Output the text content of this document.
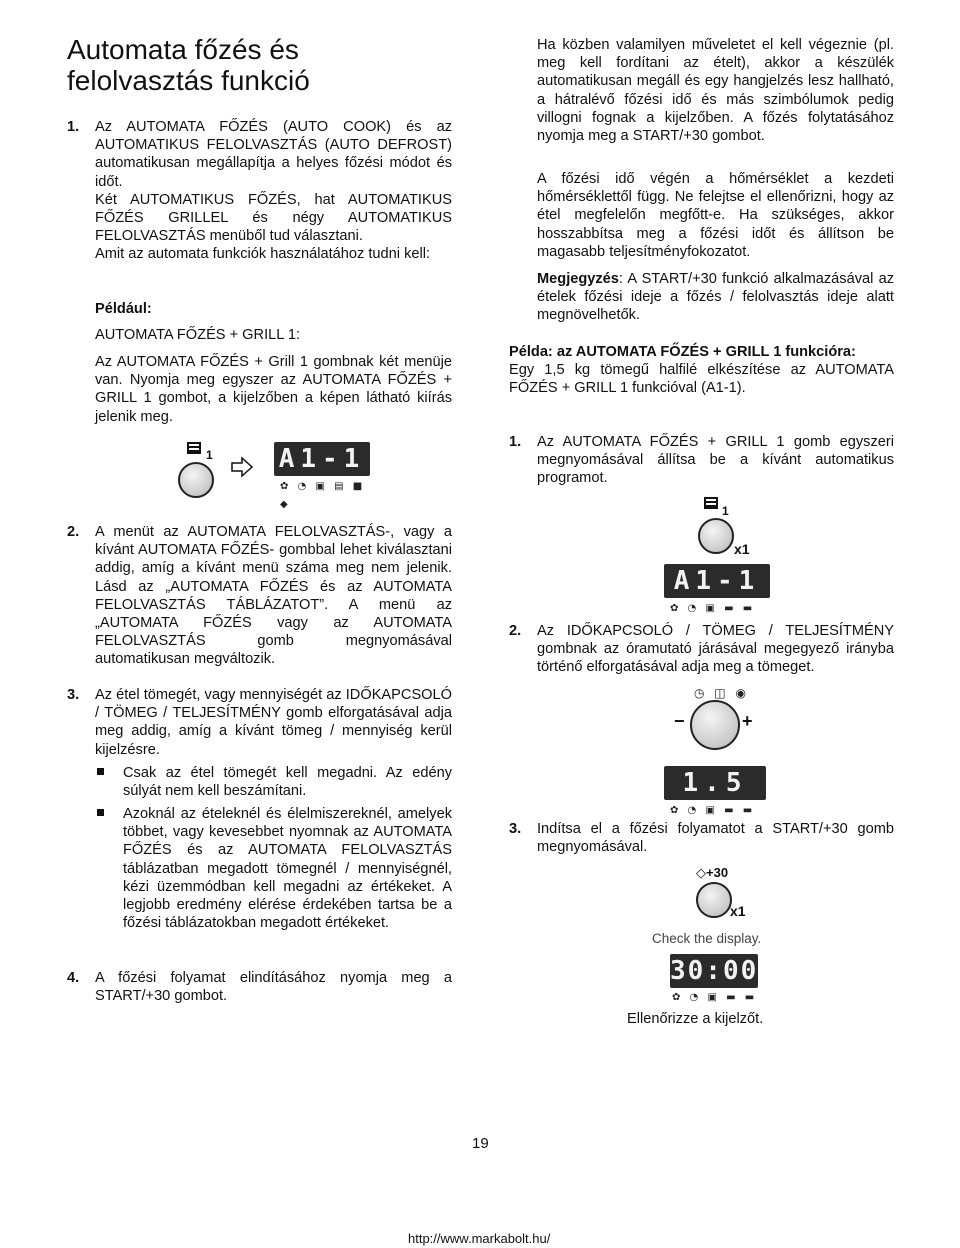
Automata főzés és felolvasztás funkció
1. Az AUTOMATA FŐZÉS (AUTO COOK) és az AUTOMATIKUS FELOLVASZTÁS (AUTO DEFROST) automatikusan megállapítja a helyes főzési módot és időt.

Két AUTOMATIKUS FŐZÉS, hat AUTOMATIKUS FŐZÉS GRILLEL és négy AUTOMATIKUS FELOLVASZTÁS menüből tud választani.

Amit az automata funkciók használatához tudni kell:

Például:

AUTOMATA FŐZÉS + GRILL 1:

Az AUTOMATA FŐZÉS + Grill 1 gombnak két menüje van. Nyomja meg egyszer az AUTOMATA FŐZÉS + GRILL 1 gombot, a kijelzőben a képen látható kiírás jelenik meg.

1	A1-1
✿ ◔ ▣ ▤ ■ ◆
2. A menüt az AUTOMATA FELOLVASZTÁS-, vagy a kívánt AUTOMATA FŐZÉS- gombbal lehet kiválasztani addig, amíg a kívánt menü száma meg nem jelenik. Lásd az „AUTOMATA FŐZÉS és az AUTOMATA FELOLVASZTÁS TÁBLÁZATOT”. A menü az „AUTOMATA FŐZÉS vagy az AUTOMATA FELOLVASZTÁS gomb megnyomásával automatikusan megváltozik.

3. Az étel tömegét, vagy mennyiségét az IDŐKAPCSOLÓ / TÖMEG / TELJESÍTMÉNY gomb elforgatásával adja meg addig, amíg a kívánt tömeg / mennyiség kerül kijelzésre.

Csak az étel tömegét kell megadni. Az edény súlyát nem kell beszámítani.

Azoknál az ételeknél és élelmiszereknél, amelyek többet, vagy kevesebbet nyomnak az AUTOMATA FŐZÉS és az AUTOMATA FELOLVASZTÁS táblázatban megadott tömegnél / mennyiségnél, kézi üzemmódban kell megadni az értékeket. A legjobb eredmény elérése érdekében tartsa be a főzési táblázatokban megadott értékeket.

4. A főzési folyamat elindításához nyomja meg a START/+30 gombot.

Ha közben valamilyen műveletet el kell végeznie (pl. meg kell fordítani az ételt), akkor a készülék automatikusan megáll és egy hangjelzés lesz hallható, a hátralévő főzési idő és más szimbólumok pedig villogni fognak a kijelzőben. A főzés folytatásához nyomja meg a START/+30 gombot.

A főzési idő végén a hőmérséklet a kezdeti hőmérséklettől függ. Ne felejtse el ellenőrizni, hogy az étel megfelelőn megfőtt-e. Ha szükséges, akkor hosszabbítsa meg a főzési időt és állítson be magasabb teljesítményfokozatot.

Megjegyzés: A START/+30 funkció alkalmazásával az ételek főzési ideje a főzés / felolvasztás ideje alatt megnövelhetők.

Példa: az AUTOMATA FŐZÉS + GRILL 1 funkcióra:

Egy 1,5 kg tömegű halfilé elkészítése az AUTOMATA FŐZÉS + GRILL 1 funkcióval (A1-1).

1. Az AUTOMATA FŐZÉS + GRILL 1 gomb egyszeri megnyomásával állítsa be a kívánt automatikus programot.

1
x1
A1-1
✿ ◔ ▣ ▬ ▬
2. Az IDŐKAPCSOLÓ / TÖMEG / TELJESÍTMÉNY gombnak az óramutató járásával megegyező irányba történő elforgatásával adja meg a tömeget.

◷ ◫ ◉
−	+
1.5
✿ ◔ ▣ ▬ ▬
3. Indítsa el a főzési folyamatot a START/+30 gomb megnyomásával.

◇+30
x1
Check the display.
30:00
✿ ◔ ▣ ▬ ▬

Ellenőrizze a kijelzőt.

19

http://www.markabolt.hu/
